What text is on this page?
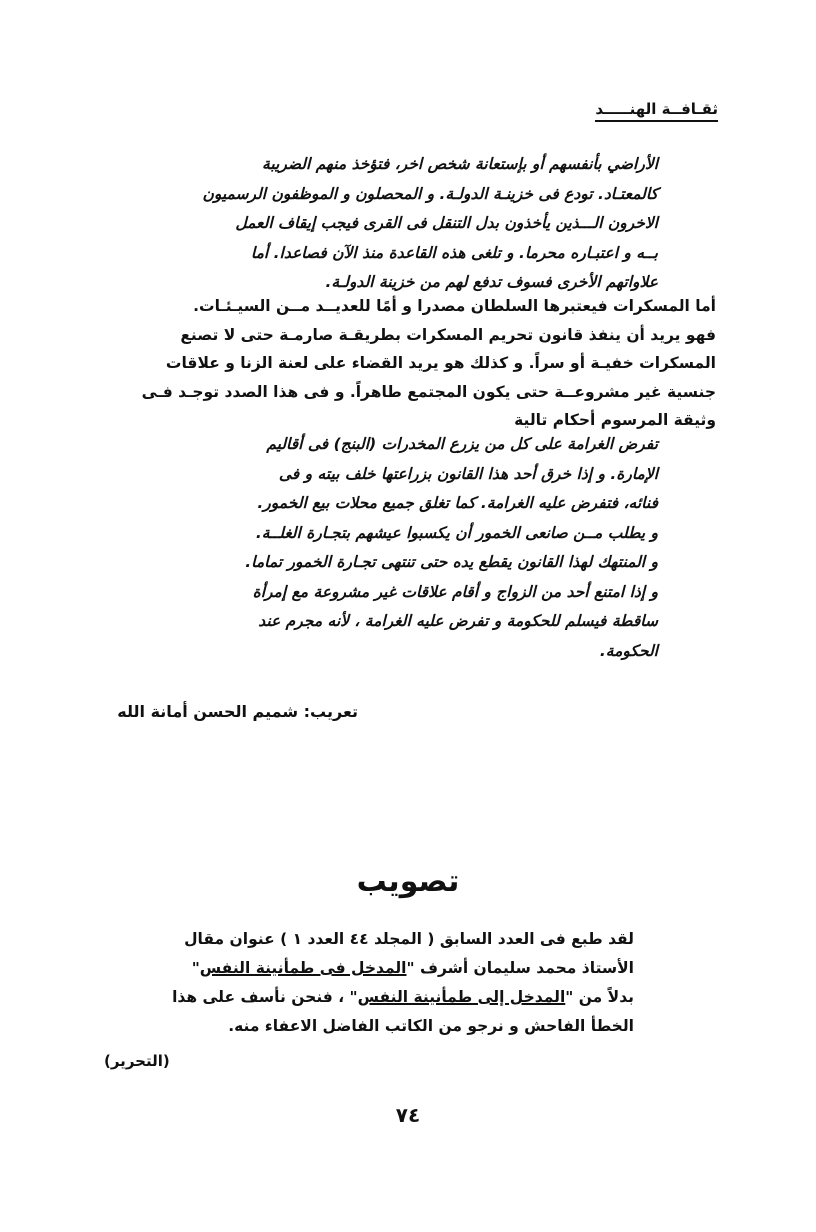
ثقـافــة الهنـــــد

الأراضي بأنفسهم أو بإستعانة شخص اخر، فتؤخذ منهم الضريبة

كالمعتـاد. تودع فى خزينـة الدولـة. و المحصلون و الموظفون الرسميون

الاخرون الـــذين يأخذون بدل التنقل فى القرى فيجب إيقاف العمل

بــه و اعتبـاره محرما. و تلغى هذه القاعدة منذ الآن فصاعدا. أما

علاواتهم الأخرى فسوف تدفع لهم من خزينة الدولـة.

أما المسكرات فيعتبرها السلطان مصدرا و أمًا للعديــد مــن السيـئـات.

فهو يريد أن ينفذ قانون تحريم المسكرات بطريقـة صارمـة حتى لا تصنع

المسكرات خفيـة أو سراً. و كذلك هو يريد القضاء على لعنة الزنا و علاقات

جنسية غير مشروعــة حتى يكون المجتمع طاهراً. و فى هذا الصدد توجـد فـى

وثيقة المرسوم أحكام تالية

تفرض الغرامة على كل من يزرع المخدرات (البنج) فى أقاليم

الإمارة. و إذا خرق أحد هذا القانون بزراعتها خلف بيته و فى

فنائه، فتفرض عليه الغرامة. كما تغلق جميع محلات بيع الخمور.

و يطلب مــن صانعى الخمور أن يكسبوا عيشهم بتجـارة الغلــة.

و المنتهك لهذا القانون يقطع يده حتى تنتهى تجـارة الخمور تماما.

و إذا امتنع أحد من الزواج و أقام علاقات غير مشروعة مع إمرأة

ساقطة فيسلم للحكومة و تفرض عليه الغرامة ، لأنه مجرم عند

الحكومة.

تعريب: شميم الحسن أمانة الله
تصويب

لقد طبع فى العدد السابق ( المجلد ٤٤ العدد ١ ) عنوان مقال

الأستاذ محمد سليمان أشرف "المدخل فى طمأنينة النفس"

بدلاً من "المدخل إلى طمأنينة النفس" ، فنحن نأسف على هذا

الخطأ الفاحش و نرجو من الكاتب الفاضل الاعفاء منه.

(التحرير)
٧٤
